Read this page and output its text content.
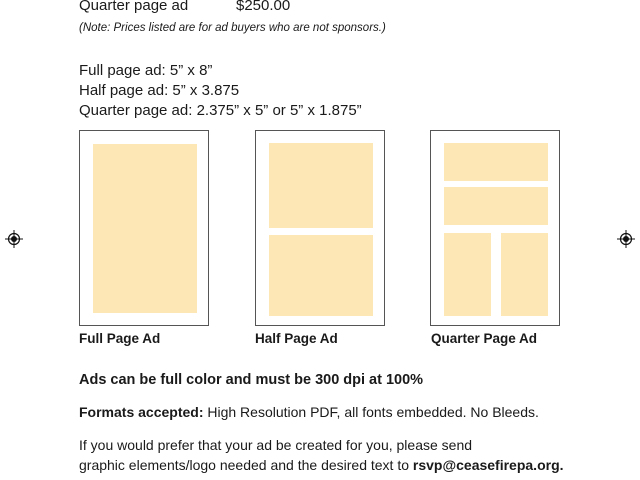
Quarter page ad	$250.00
(Note: Prices listed are for ad buyers who are not sponsors.)
Full page ad: 5” x 8”
Half page ad: 5” x 3.875
Quarter page ad: 2.375” x 5” or 5” x 1.875”
Full Page Ad	Half Page Ad	Quarter Page Ad
Ads can be full color and must be 300 dpi at 100%
Formats accepted: High Resolution PDF, all fonts embedded. No Bleeds.
If you would prefer that your ad be created for you, please send
graphic elements/logo needed and the desired text to rsvp@ceasefirepa.org.
